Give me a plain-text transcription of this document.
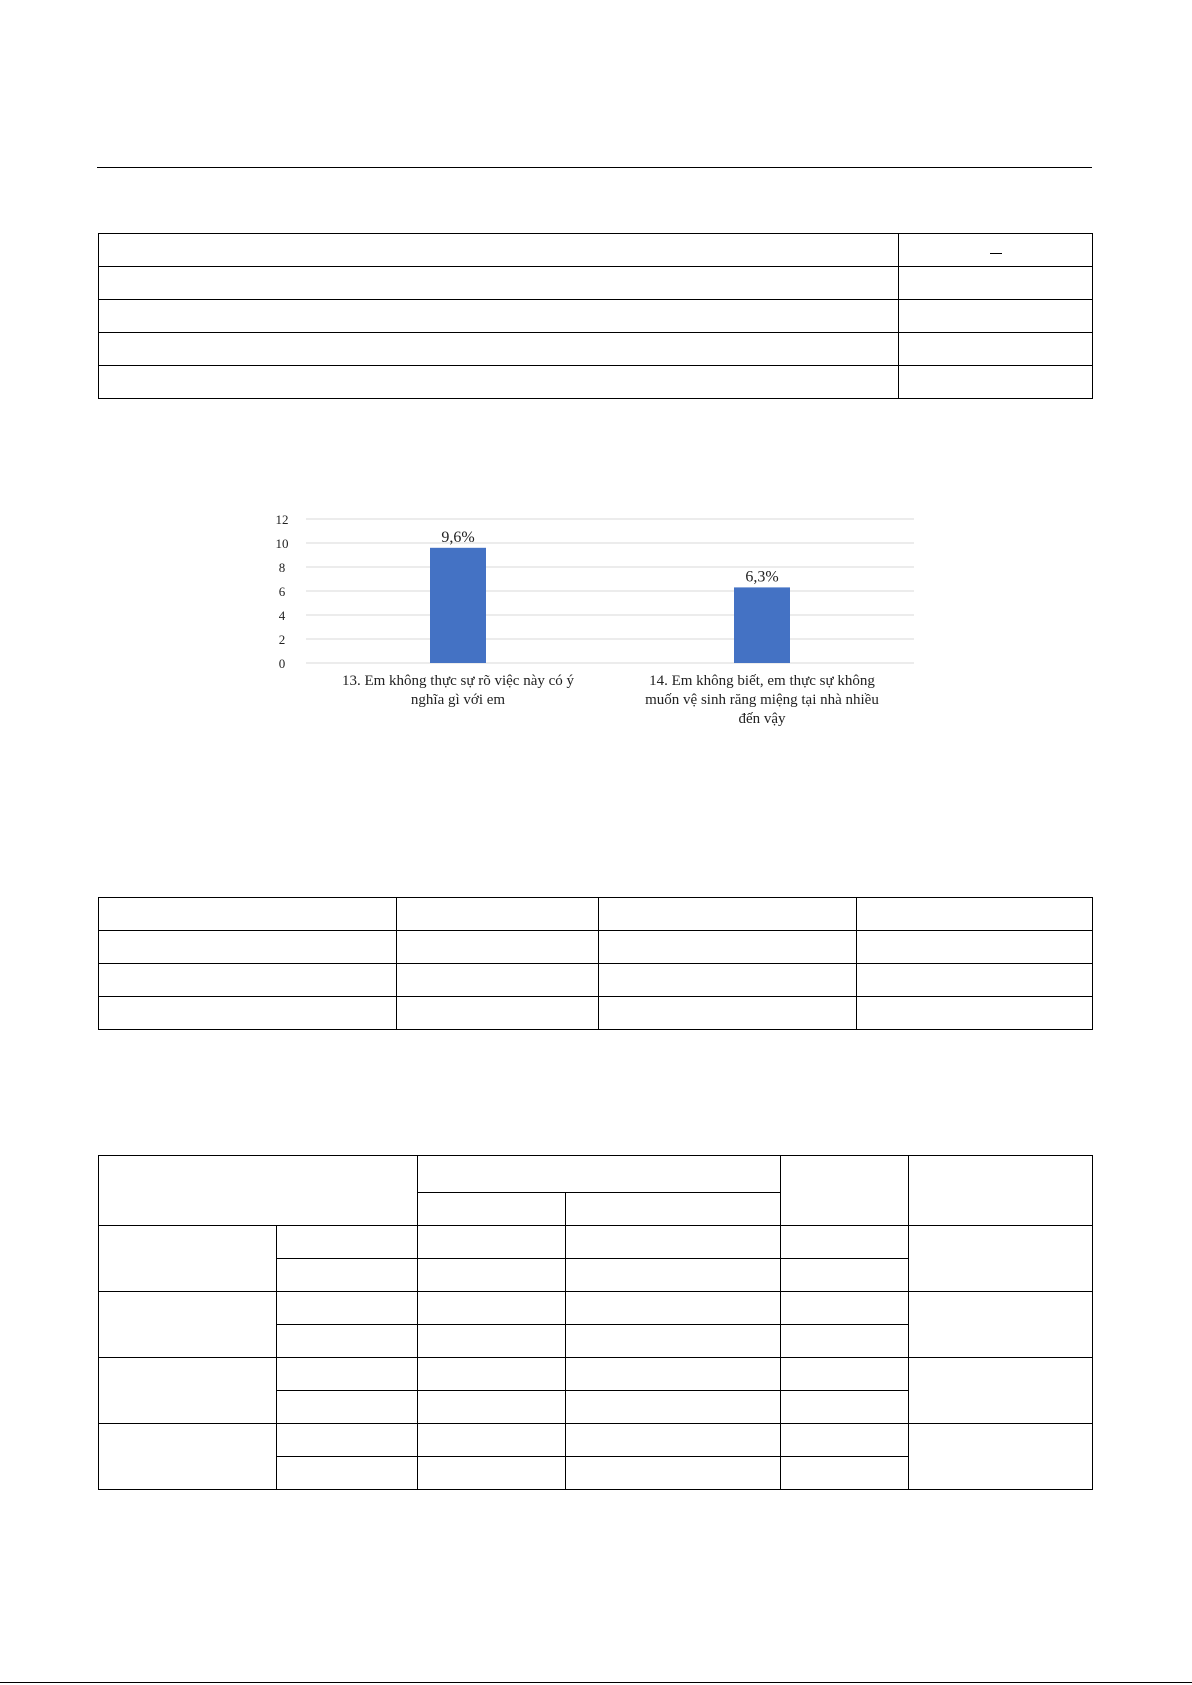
0
2
4
6
8
10
12
9,6%
6,3%
13. Em không thực sự rõ việc này có ý nghĩa gì với em
14. Em không biết, em thực sự không muốn vệ sinh răng miệng tại nhà nhiều đến vậy
